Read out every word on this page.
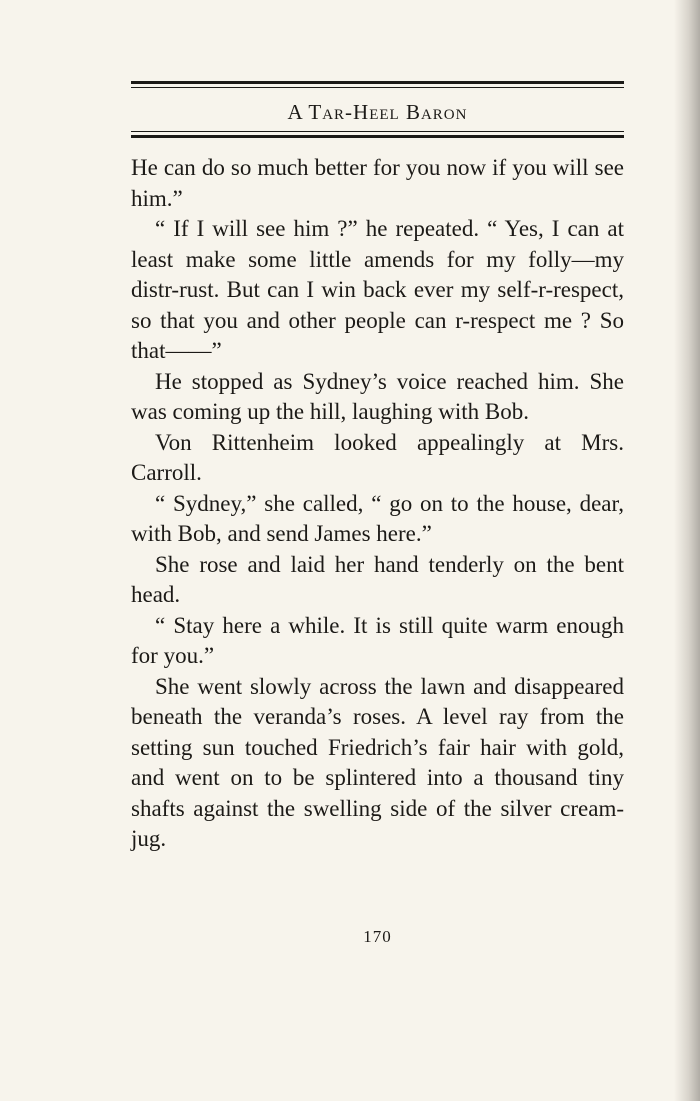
A Tar-Heel Baron

He can do so much better for you now if you will see him.”

“ If I will see him ?” he repeated. “ Yes, I can at least make some little amends for my folly—my distr-rust. But can I win back ever my self-r-respect, so that you and other people can r-respect me ? So that——”

He stopped as Sydney’s voice reached him. She was coming up the hill, laughing with Bob.

Von Rittenheim looked appealingly at Mrs. Carroll.

“ Sydney,” she called, “ go on to the house, dear, with Bob, and send James here.”

She rose and laid her hand tenderly on the bent head.

“ Stay here a while. It is still quite warm enough for you.”

She went slowly across the lawn and disappeared beneath the veranda’s roses. A level ray from the setting sun touched Friedrich’s fair hair with gold, and went on to be splintered into a thousand tiny shafts against the swelling side of the silver cream-jug.

170
